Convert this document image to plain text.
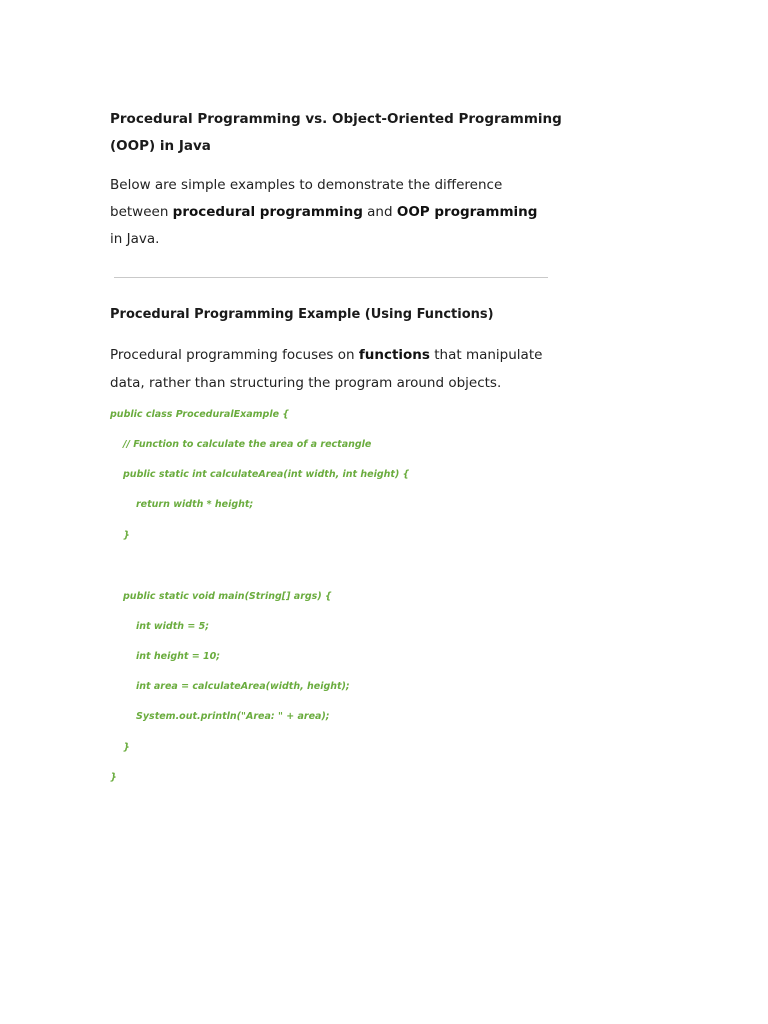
Procedural Programming vs. Object-Oriented Programming (OOP) in Java

Below are simple examples to demonstrate the difference between procedural programming and OOP programming in Java.

Procedural Programming Example (Using Functions)

Procedural programming focuses on functions that manipulate data, rather than structuring the program around objects.

public class ProceduralExample {
// Function to calculate the area of a rectangle
public static int calculateArea(int width, int height) {
return width * height;
}
public static void main(String[] args) {
int width = 5;
int height = 10;
int area = calculateArea(width, height);
System.out.println("Area: " + area);
}
}
